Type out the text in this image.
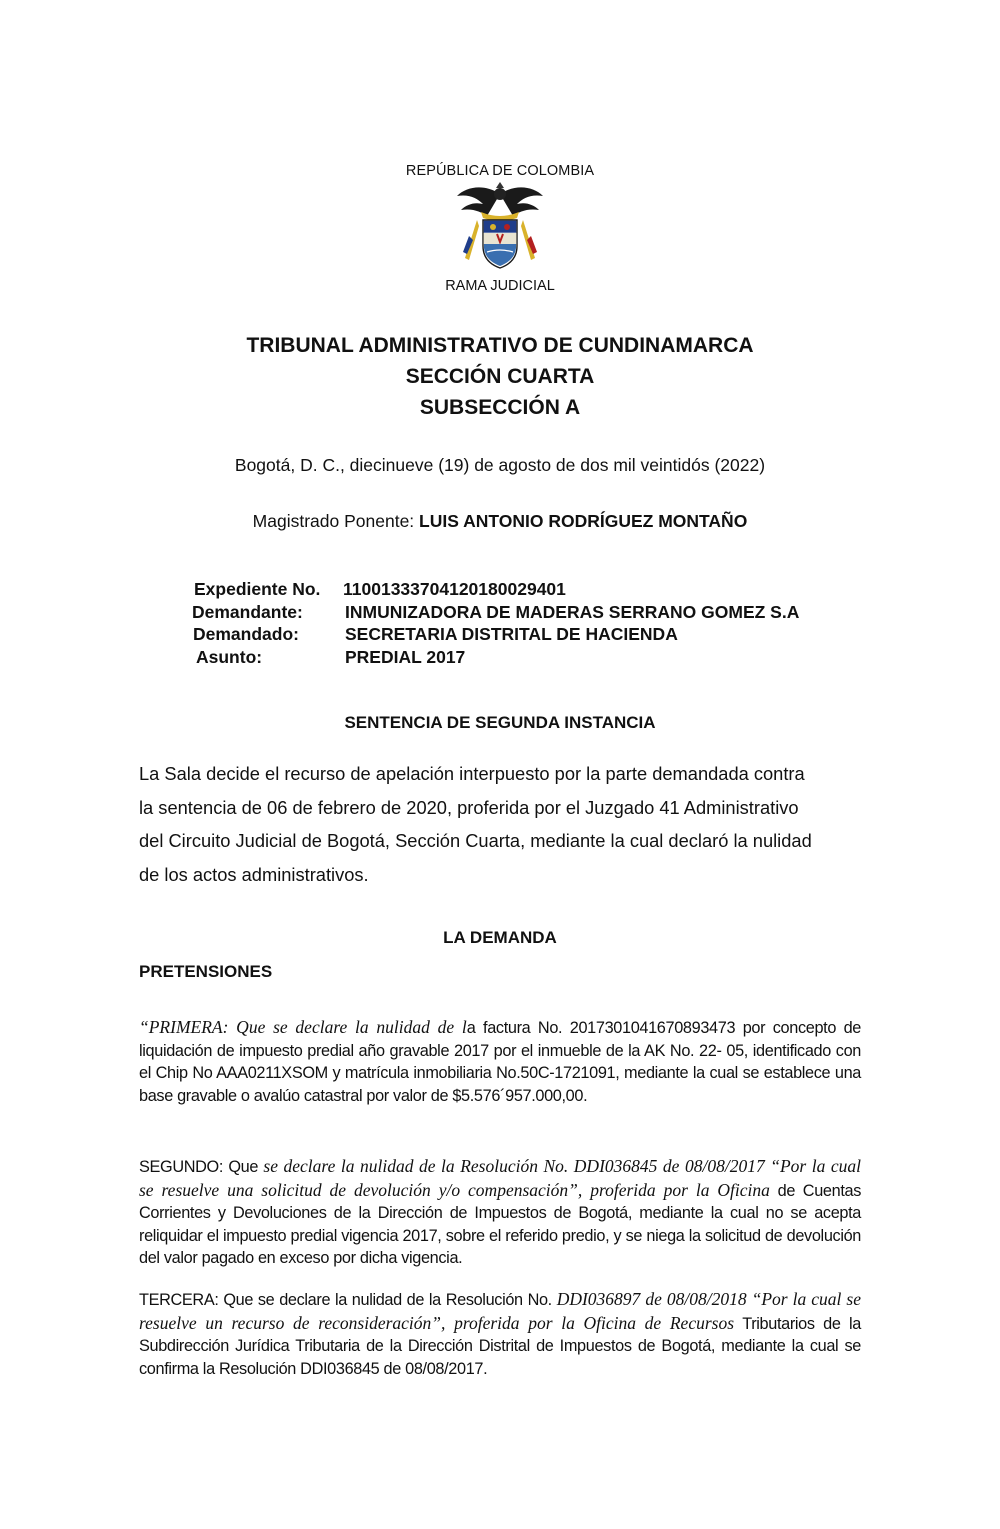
REPÚBLICA DE COLOMBIA
RAMA JUDICIAL
TRIBUNAL ADMINISTRATIVO DE CUNDINAMARCA
SECCIÓN CUARTA
SUBSECCIÓN A
Bogotá, D. C., diecinueve (19) de agosto de dos mil veintidós (2022)
Magistrado Ponente: LUIS ANTONIO RODRÍGUEZ MONTAÑO
Expediente No. 11001333704120180029401
Demandante: INMUNIZADORA DE MADERAS SERRANO GOMEZ S.A
Demandado:	SECRETARIA DISTRITAL DE HACIENDA
Asunto:	PREDIAL 2017
SENTENCIA DE SEGUNDA INSTANCIA
La Sala decide el recurso de apelación interpuesto por la parte demandada contra
la sentencia de 06 de febrero de 2020, proferida por el Juzgado 41 Administrativo
del Circuito Judicial de Bogotá, Sección Cuarta, mediante la cual declaró la nulidad
de los actos administrativos.
LA DEMANDA
PRETENSIONES
“PRIMERA: Que se declare la nulidad de la factura No. 2017301041670893473 por concepto de liquidación de impuesto predial año gravable 2017 por el inmueble de la AK No. 22- 05, identificado con el Chip No AAA0211XSOM y matrícula inmobiliaria No.50C-1721091, mediante la cual se establece una base gravable o avalúo catastral por valor de $5.576´957.000,00.
SEGUNDO: Que se declare la nulidad de la Resolución No. DDI036845 de 08/08/2017 “Por la cual se resuelve una solicitud de devolución y/o compensación”, proferida por la Oficina de Cuentas Corrientes y Devoluciones de la Dirección de Impuestos de Bogotá, mediante la cual no se acepta reliquidar el impuesto predial vigencia 2017, sobre el referido predio, y se niega la solicitud de devolución del valor pagado en exceso por dicha vigencia.
TERCERA: Que se declare la nulidad de la Resolución No. DDI036897 de 08/08/2018 “Por la cual se resuelve un recurso de reconsideración”, proferida por la Oficina de Recursos Tributarios de la Subdirección Jurídica Tributaria de la Dirección Distrital de Impuestos de Bogotá, mediante la cual se confirma la Resolución DDI036845 de 08/08/2017.
